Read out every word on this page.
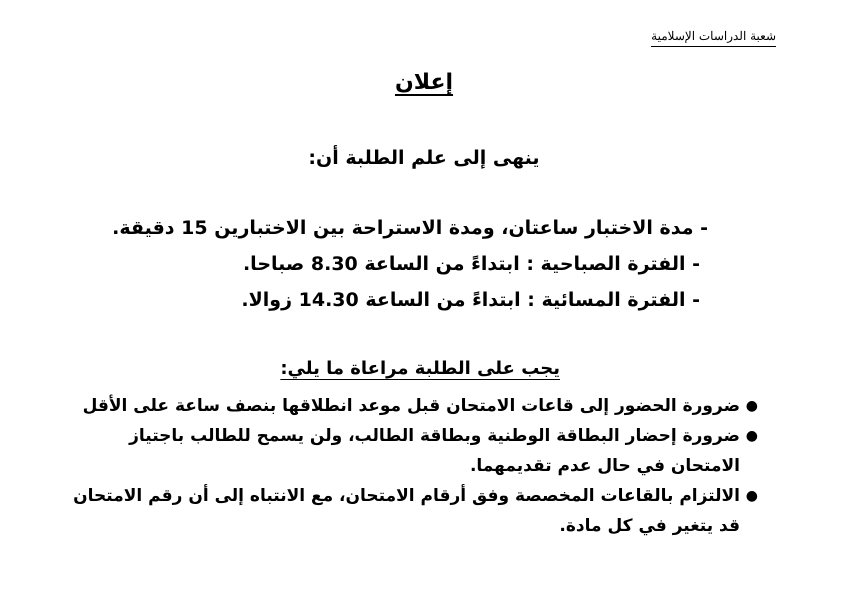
شعبة الدراسات الإسلامية
إعلان
ينهى إلى علم الطلبة أن:
- مدة الاختبار ساعتان، ومدة الاستراحة بين الاختبارين 15 دقيقة.
- الفترة الصباحية : ابتداءً من الساعة 8.30 صباحا.
- الفترة المسائية : ابتداءً من الساعة 14.30 زوالا.
يجب على الطلبة مراعاة ما يلي:
●
ضرورة الحضور إلى قاعات الامتحان قبل موعد انطلاقها بنصف ساعة على الأقل
●
ضرورة إحضار البطاقة الوطنية وبطاقة الطالب، ولن يسمح للطالب باجتياز
الامتحان في حال عدم تقديمهما.
●
الالتزام بالقاعات المخصصة وفق أرقام الامتحان، مع الانتباه إلى أن رقم الامتحان
قد يتغير في كل مادة.
